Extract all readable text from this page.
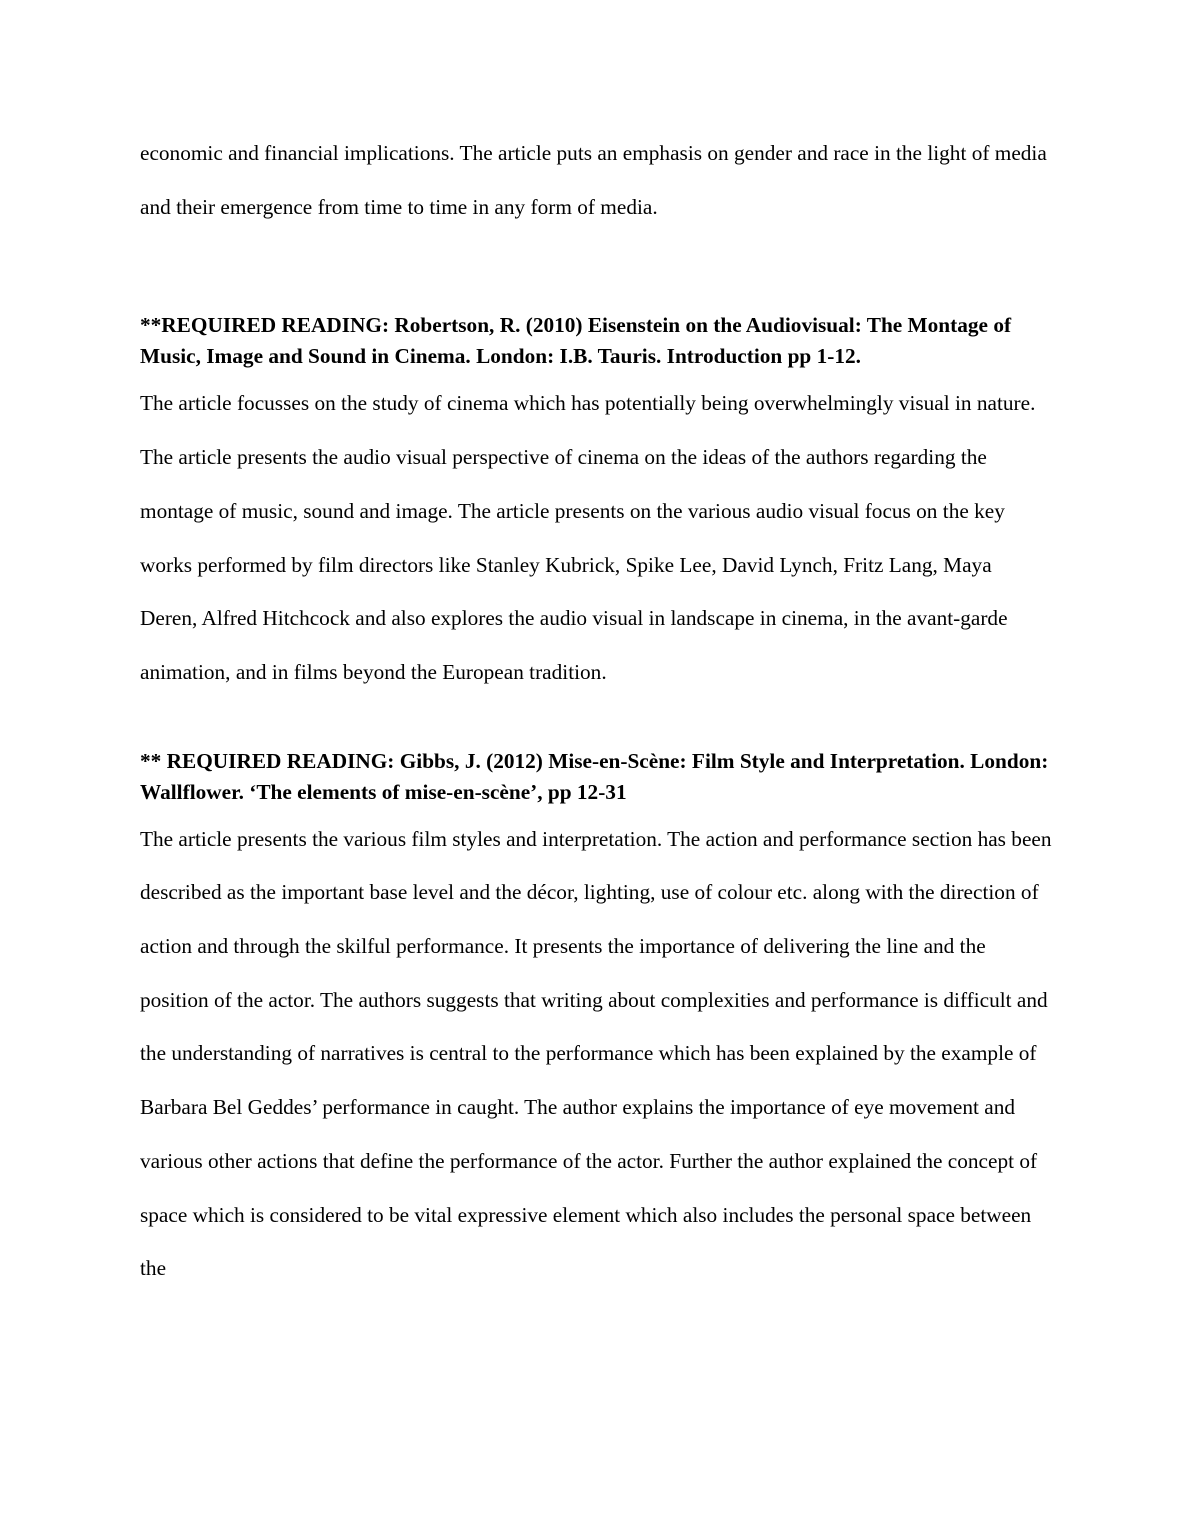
economic and financial implications. The article puts an emphasis on gender and race in the light of media and their emergence from time to time in any form of media.

**REQUIRED READING: Robertson, R. (2010) Eisenstein on the Audiovisual: The Montage of Music, Image and Sound in Cinema. London: I.B. Tauris. Introduction pp 1-12.

The article focusses on the study of cinema which has potentially being overwhelmingly visual in nature. The article presents the audio visual perspective of cinema on the ideas of the authors regarding the montage of music, sound and image. The article presents on the various audio visual focus on the key works performed by film directors like Stanley Kubrick, Spike Lee, David Lynch, Fritz Lang, Maya Deren, Alfred Hitchcock and also explores the audio visual in landscape in cinema, in the avant-garde animation, and in films beyond the European tradition.

** REQUIRED READING: Gibbs, J. (2012) Mise-en-Scène: Film Style and Interpretation. London: Wallflower. ‘The elements of mise-en-scène’, pp 12-31

The article presents the various film styles and interpretation. The action and performance section has been described as the important base level and the décor, lighting, use of colour etc. along with the direction of action and through the skilful performance. It presents the importance of delivering the line and the position of the actor. The authors suggests that writing about complexities and performance is difficult and the understanding of narratives is central to the performance which has been explained by the example of Barbara Bel Geddes’ performance in caught. The author explains the importance of eye movement and various other actions that define the performance of the actor. Further the author explained the concept of space which is considered to be vital expressive element which also includes the personal space between the
